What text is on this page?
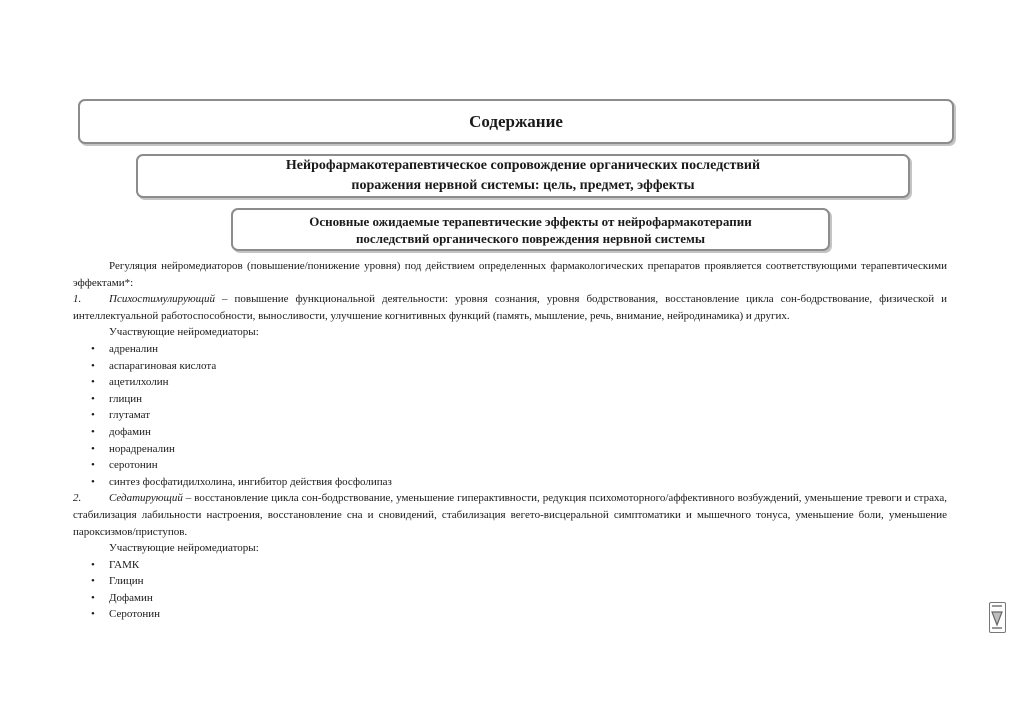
Содержание
Нейрофармакотерапевтическое сопровождение органических последствий
поражения нервной системы: цель, предмет, эффекты
Основные ожидаемые терапевтические эффекты от нейрофармакотерапии
последствий органического повреждения нервной системы

Регуляция нейромедиаторов (повышение/понижение уровня) под действием определенных фармакологических препаратов проявляется соответствующими терапевтическими эффектами*:

1.	Психостимулирующий – повышение функциональной деятельности: уровня сознания, уровня бодрствования, восстановление цикла сон-бодрствование, физической и интеллектуальной работоспособности, выносливости, улучшение когнитивных функций (память, мышление, речь, внимание, нейродинамика) и других.

Участвующие нейромедиаторы:

• адреналин
• аспарагиновая кислота
• ацетилхолин
• глицин
• глутамат
• дофамин
• норадреналин
• серотонин
• синтез фосфатидилхолина, ингибитор действия фосфолипаз

2.	Седатирующий – восстановление цикла сон-бодрствование, уменьшение гиперактивности, редукция психомоторного/аффективного возбуждений, уменьшение тревоги и страха, стабилизация лабильности настроения, восстановление сна и сновидений, стабилизация вегето-висцеральной симптоматики и мышечного тонуса, уменьшение боли, уменьшение пароксизмов/приступов.

Участвующие нейромедиаторы:

• ГАМК
• Глицин
• Дофамин
• Серотонин
